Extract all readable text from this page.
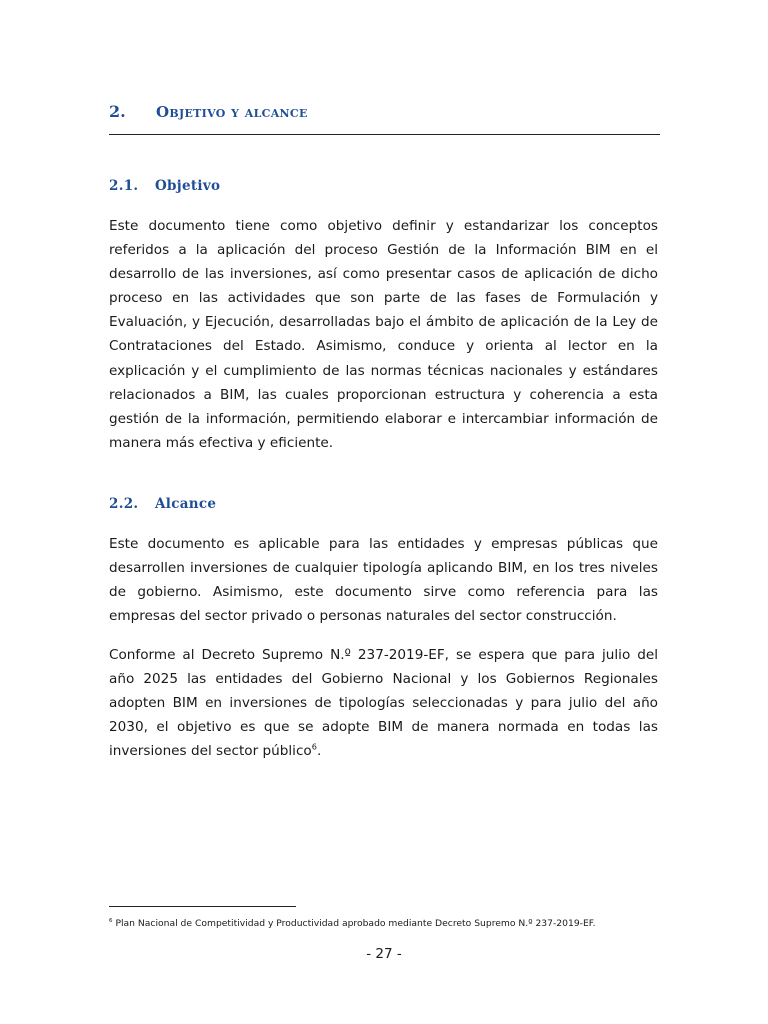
2. Objetivo y alcance
2.1. Objetivo

Este documento tiene como objetivo definir y estandarizar los conceptos referidos a la aplicación del proceso Gestión de la Información BIM en el desarrollo de las inversiones, así como presentar casos de aplicación de dicho proceso en las actividades que son parte de las fases de Formulación y Evaluación, y Ejecución, desarrolladas bajo el ámbito de aplicación de la Ley de Contrataciones del Estado. Asimismo, conduce y orienta al lector en la explicación y el cumplimiento de las normas técnicas nacionales y estándares relacionados a BIM, las cuales proporcionan estructura y coherencia a esta gestión de la información, permitiendo elaborar e intercambiar información de manera más efectiva y eficiente.

2.2. Alcance

Este documento es aplicable para las entidades y empresas públicas que desarrollen inversiones de cualquier tipología aplicando BIM, en los tres niveles de gobierno. Asimismo, este documento sirve como referencia para las empresas del sector privado o personas naturales del sector construcción.

Conforme al Decreto Supremo N.º 237-2019-EF, se espera que para julio del año 2025 las entidades del Gobierno Nacional y los Gobiernos Regionales adopten BIM en inversiones de tipologías seleccionadas y para julio del año 2030, el objetivo es que se adopte BIM de manera normada en todas las inversiones del sector público$^6$.

$^6$ Plan Nacional de Competitividad y Productividad aprobado mediante Decreto Supremo N.º 237-2019-EF.
- 27 -
